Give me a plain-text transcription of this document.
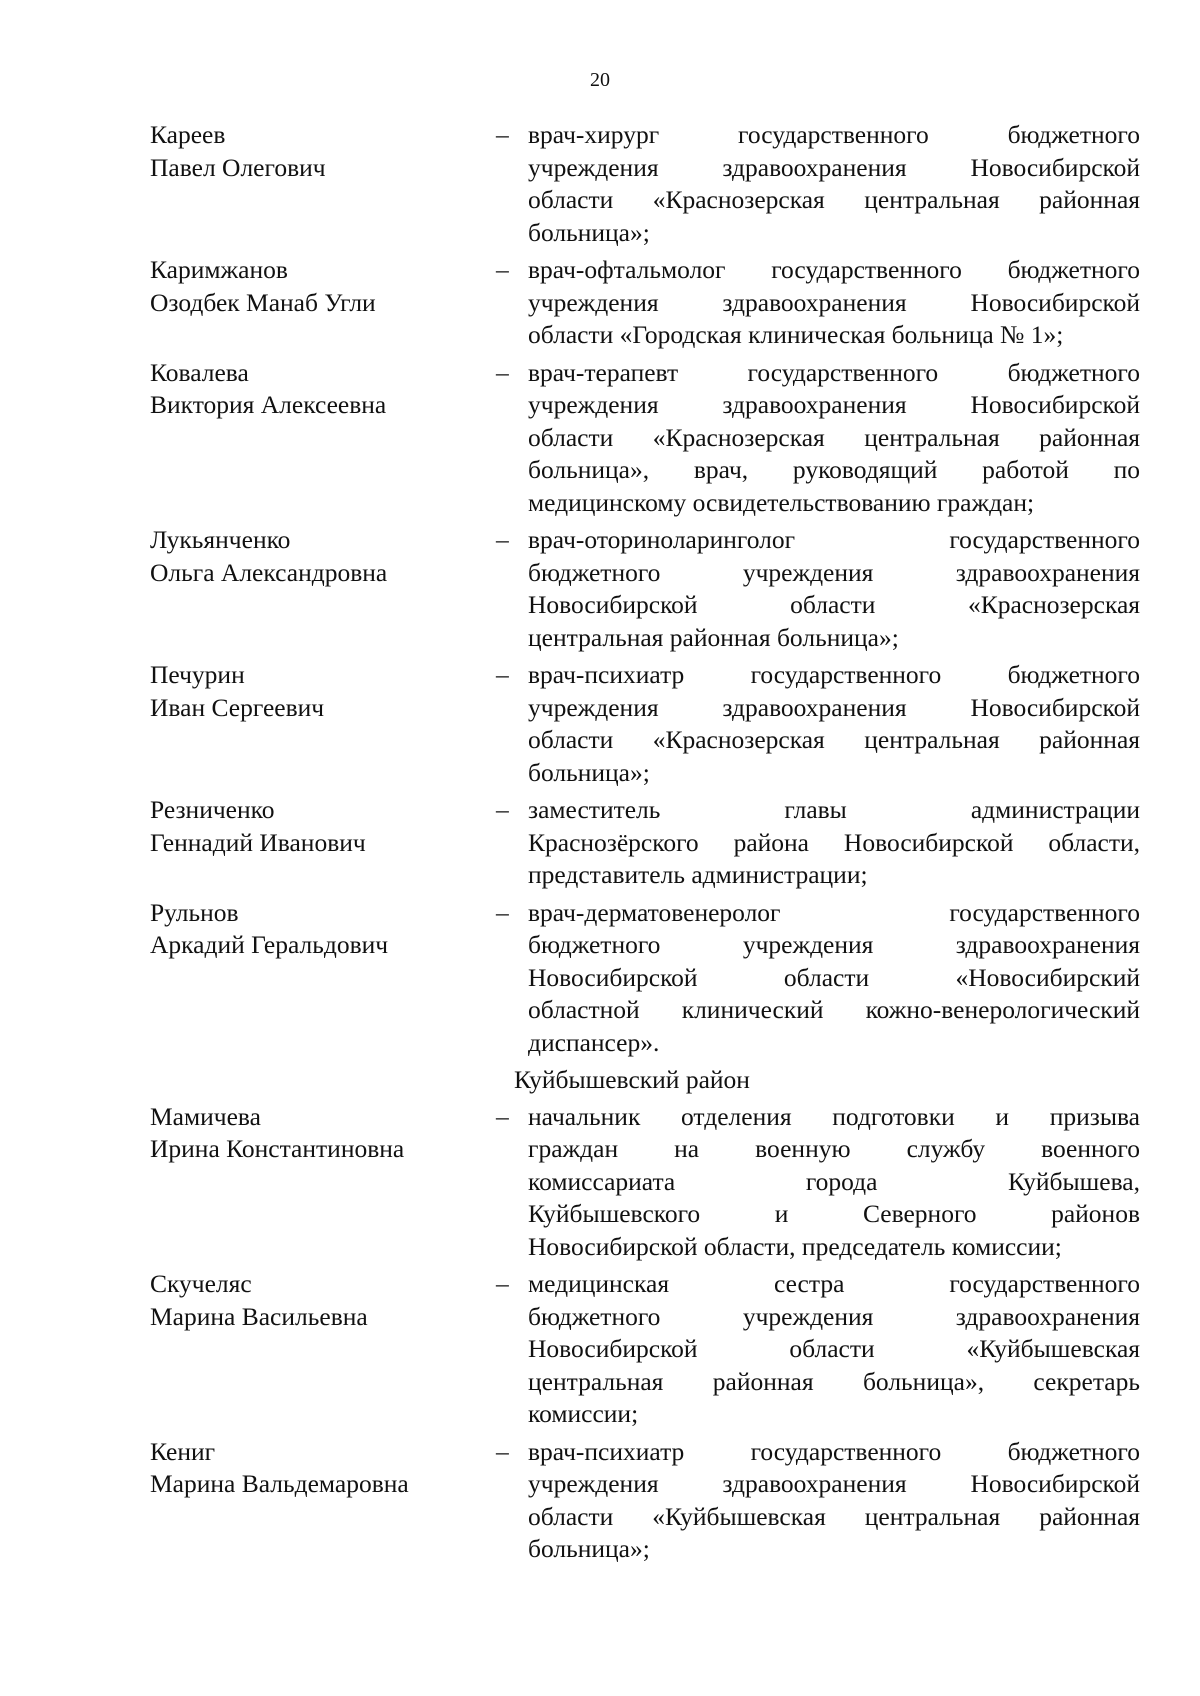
20
Кареев
Павел Олегович
– врач-хирург государственного бюджетного
учреждения здравоохранения Новосибирской
области «Краснозерская центральная районная
больница»;
Каримжанов
Озодбек Манаб Угли
– врач-офтальмолог государственного бюджетного
учреждения здравоохранения Новосибирской
области «Городская клиническая больница № 1»;
Ковалева
Виктория Алексеевна
– врач-терапевт государственного бюджетного
учреждения здравоохранения Новосибирской
области «Краснозерская центральная районная
больница», врач, руководящий работой по
медицинскому освидетельствованию граждан;
Лукьянченко
Ольга Александровна
– врач-оториноларинголог государственного
бюджетного учреждения здравоохранения
Новосибирской области «Краснозерская
центральная районная больница»;
Печурин
Иван Сергеевич
– врач-психиатр государственного бюджетного
учреждения здравоохранения Новосибирской
области «Краснозерская центральная районная
больница»;
Резниченко
Геннадий Иванович
– заместитель главы администрации
Краснозёрского района Новосибирской области,
представитель администрации;
Рульнов
Аркадий Геральдович
– врач-дерматовенеролог государственного
бюджетного учреждения здравоохранения
Новосибирской области «Новосибирский
областной клинический кожно-венерологический
диспансер».
Куйбышевский район
Мамичева
Ирина Константиновна
– начальник отделения подготовки и призыва
граждан на военную службу военного
комиссариата города Куйбышева,
Куйбышевского и Северного районов
Новосибирской области, председатель комиссии;
Скучеляс
Марина Васильевна
– медицинская сестра государственного
бюджетного учреждения здравоохранения
Новосибирской области «Куйбышевская
центральная районная больница», секретарь
комиссии;
Кениг
Марина Вальдемаровна
– врач-психиатр государственного бюджетного
учреждения здравоохранения Новосибирской
области «Куйбышевская центральная районная
больница»;
